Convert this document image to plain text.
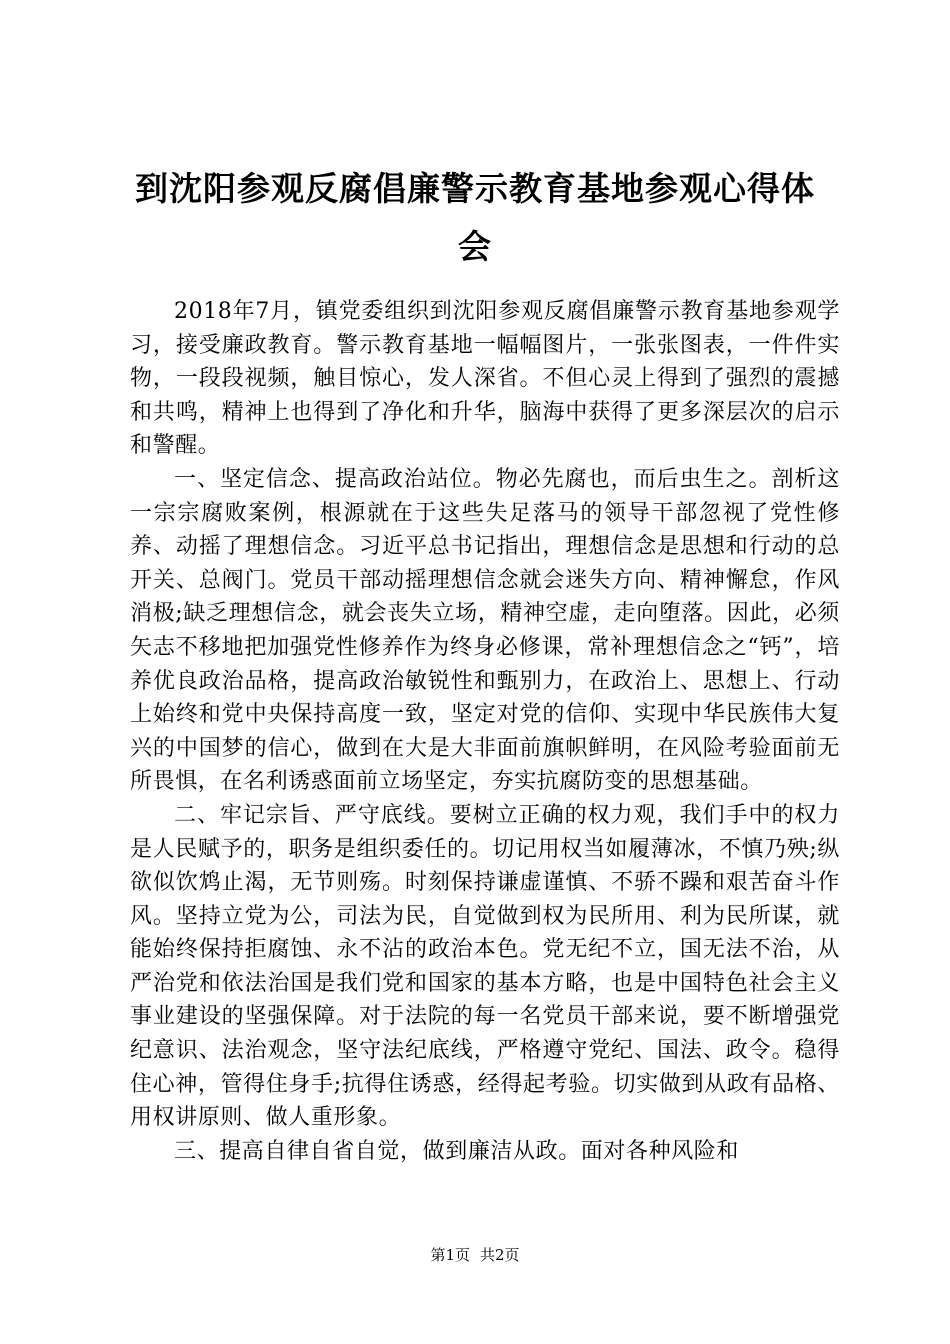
到沈阳参观反腐倡廉警示教育基地参观心得体
会

2018年7月，镇党委组织到沈阳参观反腐倡廉警示教育基地参观学习，接受廉政教育。警示教育基地一幅幅图片，一张张图表，一件件实物，一段段视频，触目惊心，发人深省。不但心灵上得到了强烈的震撼和共鸣，精神上也得到了净化和升华，脑海中获得了更多深层次的启示和警醒。

一、坚定信念、提高政治站位。物必先腐也，而后虫生之。剖析这一宗宗腐败案例，根源就在于这些失足落马的领导干部忽视了党性修养、动摇了理想信念。习近平总书记指出，理想信念是思想和行动的总开关、总阀门。党员干部动摇理想信念就会迷失方向、精神懈怠，作风消极;缺乏理想信念，就会丧失立场，精神空虚，走向堕落。因此，必须矢志不移地把加强党性修养作为终身必修课，常补理想信念之“钙”，培养优良政治品格，提高政治敏锐性和甄别力，在政治上、思想上、行动上始终和党中央保持高度一致，坚定对党的信仰、实现中华民族伟大复兴的中国梦的信心，做到在大是大非面前旗帜鲜明，在风险考验面前无所畏惧，在名利诱惑面前立场坚定，夯实抗腐防变的思想基础。

二、牢记宗旨、严守底线。要树立正确的权力观，我们手中的权力是人民赋予的，职务是组织委任的。切记用权当如履薄冰，不慎乃殃;纵欲似饮鸩止渴，无节则殇。时刻保持谦虚谨慎、不骄不躁和艰苦奋斗作风。坚持立党为公，司法为民，自觉做到权为民所用、利为民所谋，就能始终保持拒腐蚀、永不沾的政治本色。党无纪不立，国无法不治，从严治党和依法治国是我们党和国家的基本方略，也是中国特色社会主义事业建设的坚强保障。对于法院的每一名党员干部来说，要不断增强党纪意识、法治观念，坚守法纪底线，严格遵守党纪、国法、政令。稳得住心神，管得住身手;抗得住诱惑，经得起考验。切实做到从政有品格、用权讲原则、做人重形象。

三、提高自律自省自觉，做到廉洁从政。面对各种风险和

第1页 共2页
